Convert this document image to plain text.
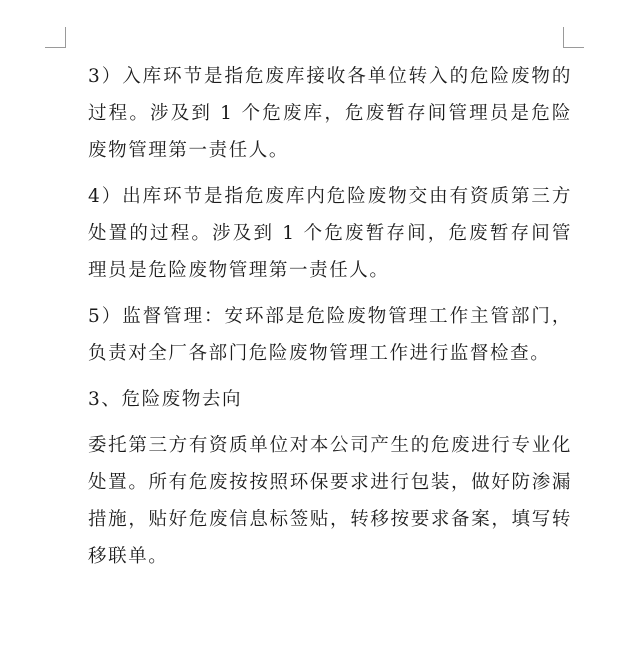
3）入库环节是指危废库接收各单位转入的危险废物的过程。涉及到 1 个危废库，危废暂存间管理员是危险废物管理第一责任人。

4）出库环节是指危废库内危险废物交由有资质第三方处置的过程。涉及到 1 个危废暂存间，危废暂存间管理员是危险废物管理第一责任人。

5）监督管理：安环部是危险废物管理工作主管部门，负责对全厂各部门危险废物管理工作进行监督检查。

3、危险废物去向

委托第三方有资质单位对本公司产生的危废进行专业化处置。所有危废按按照环保要求进行包装，做好防渗漏措施，贴好危废信息标签贴，转移按要求备案，填写转移联单。
